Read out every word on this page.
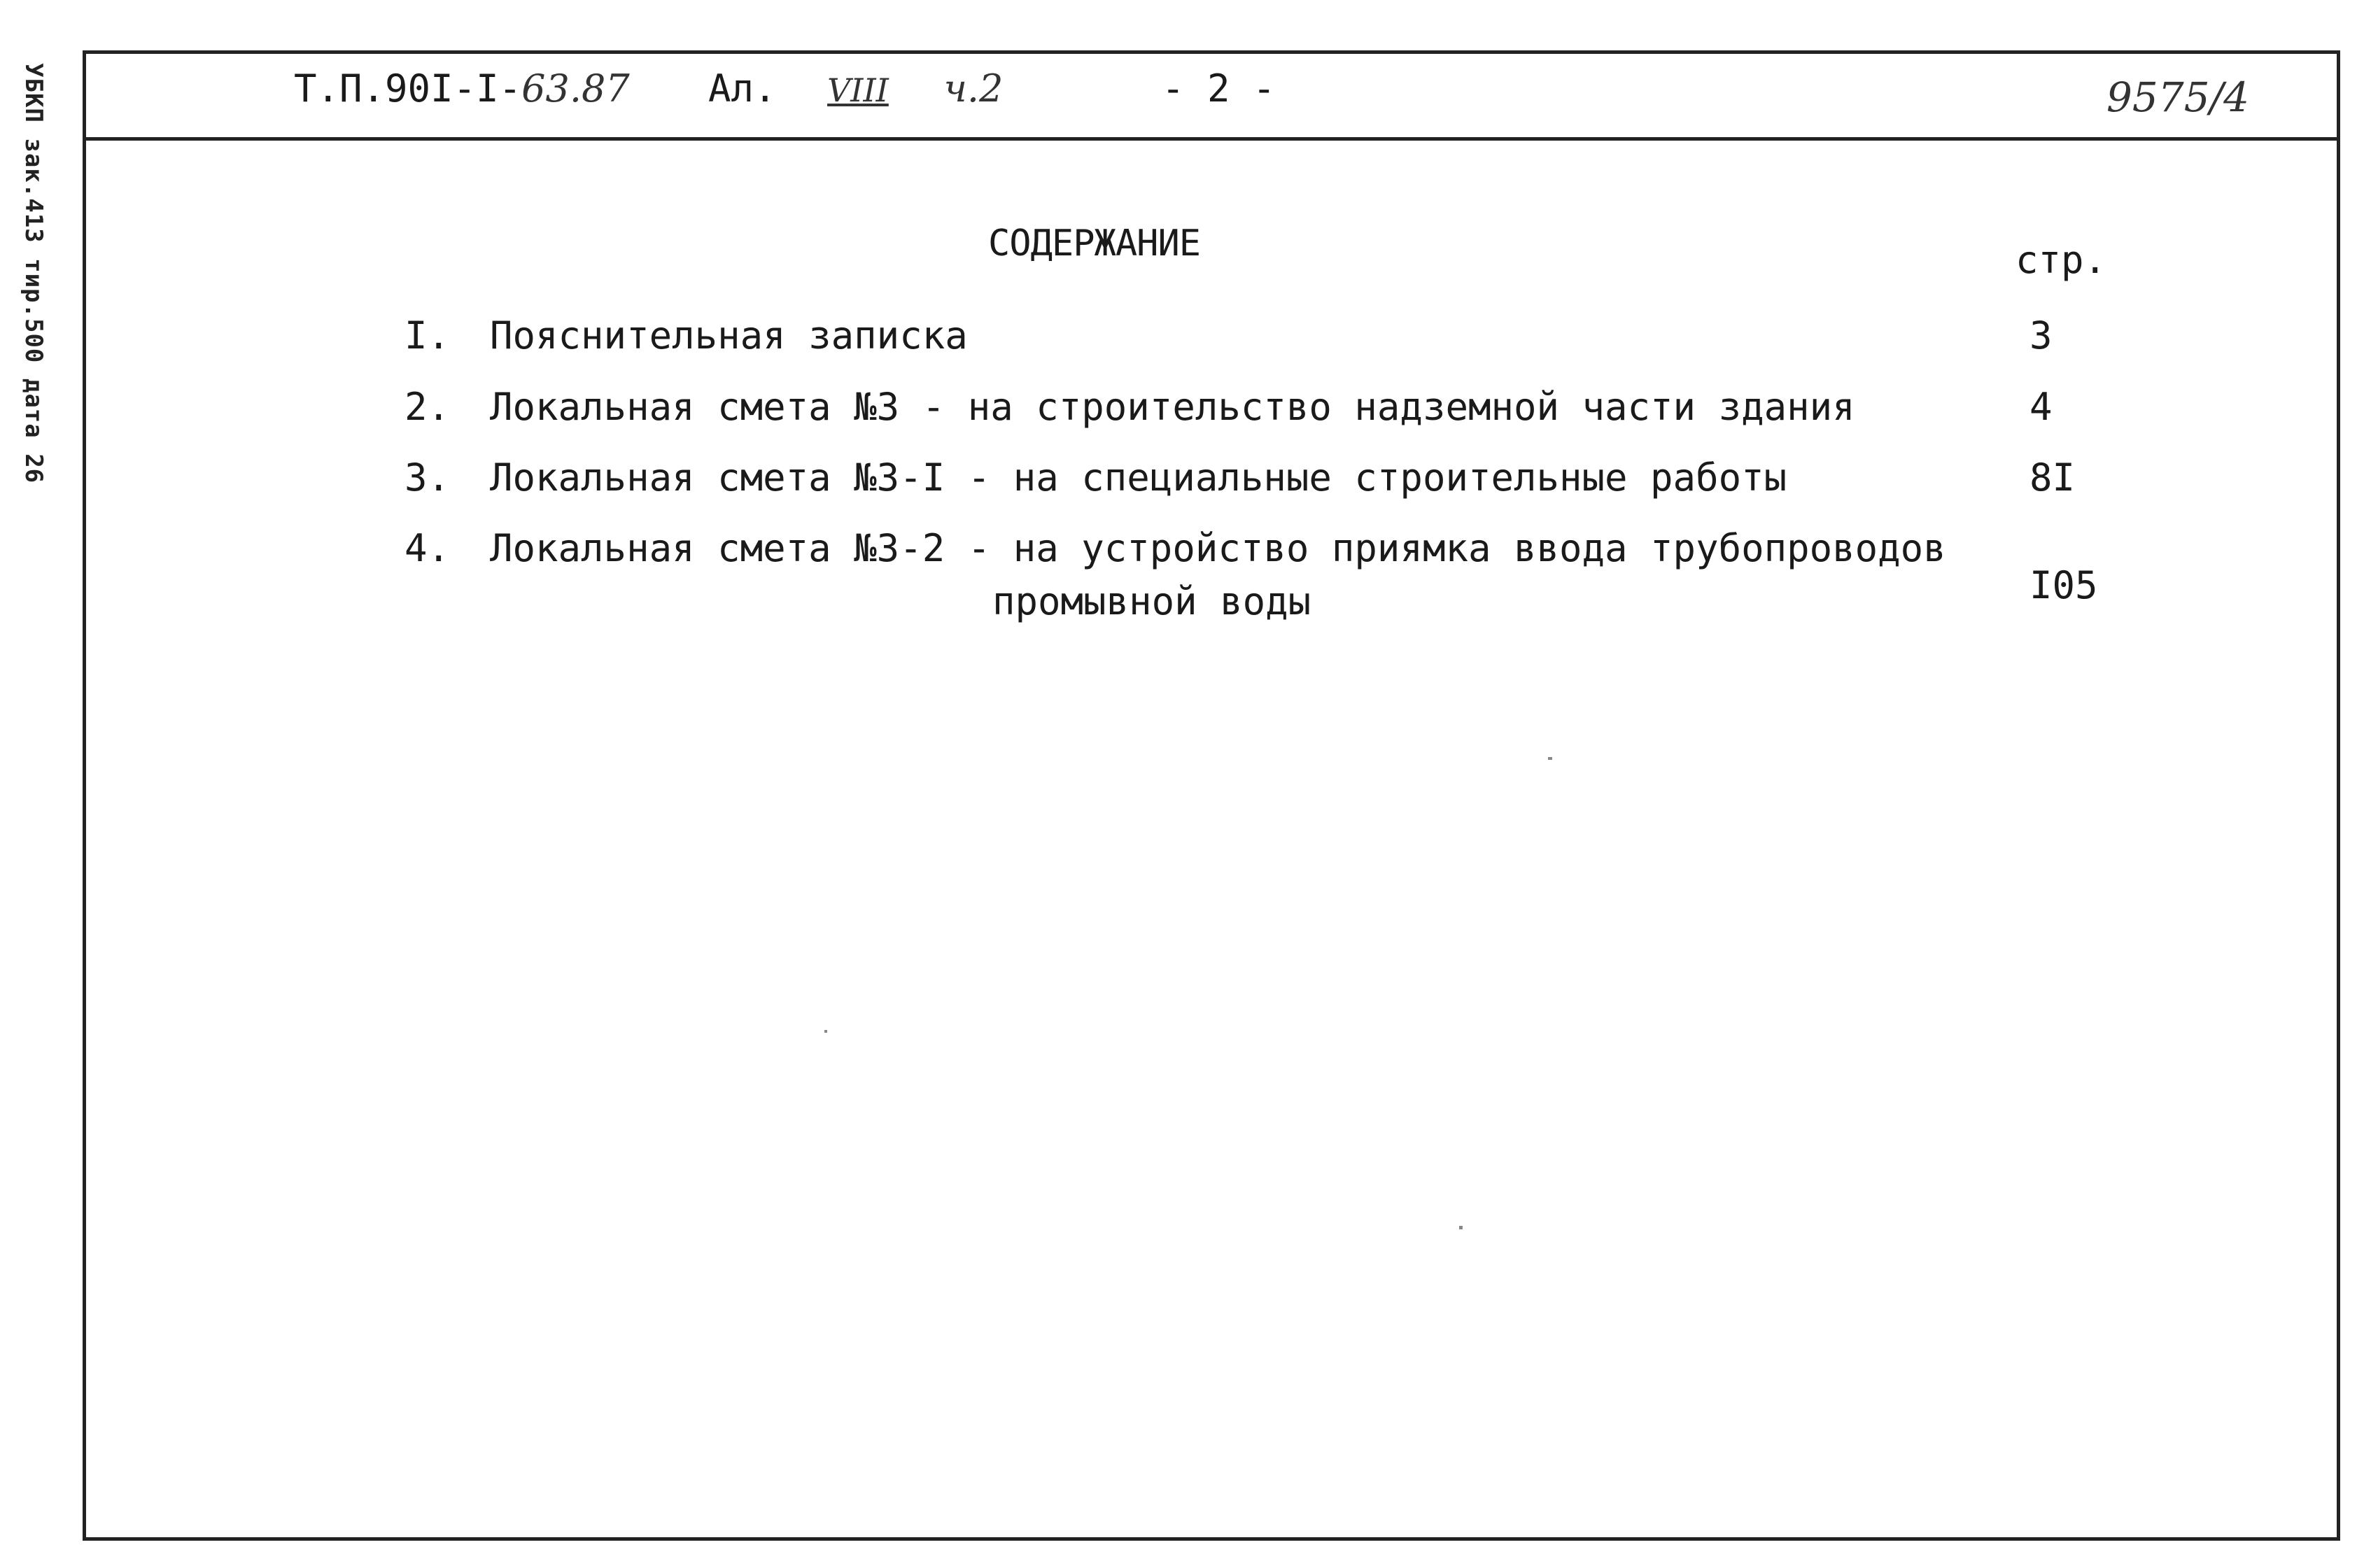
УБКП зак.413 тир.500 дата 26	Т.П.90I-I-63.87 Ал. VIII ч.2	- 2 -	9575/4
СОДЕРЖАНИЕ	стр.
I. Пояснительная записка	3
2. Локальная смета №3 - на строительство надземной части здания	4
3. Локальная смета №3-I - на специальные строительные работы	8I
4. Локальная смета №3-2 - на устройство приямка ввода трубопроводов
промывной воды	I05
